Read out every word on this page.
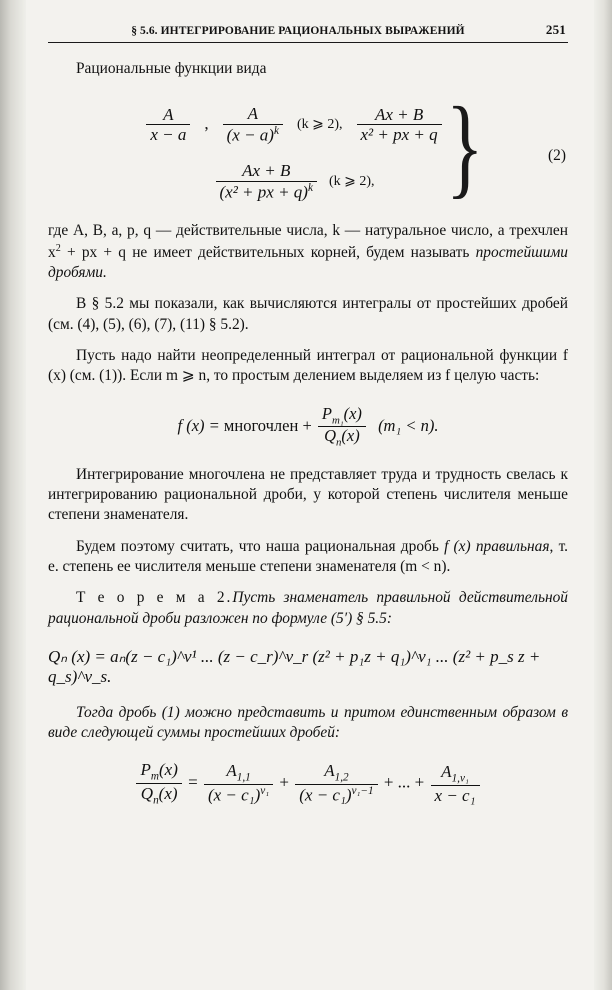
§ 5.6. ИНТЕГРИРОВАНИЕ РАЦИОНАЛЬНЫХ ВЫРАЖЕНИЙ	251

Рациональные функции вида

$\frac{A}{x - a}$ , $\frac{A}{(x - a)^k} (k$ ⩾ 2), $\frac{Ax + B}{\text{x² + px + q}}$
$\frac{Ax + B}{(x^2 + px + q)^k} (k$ ⩾ 2), }	(2)

где A, B, a, p, q — действительные числа, k — натуральное число, а трехчлен $x^2$ + px + q не имеет действительных корней, будем называть простейшими дробями.

В § 5.2 мы показали, как вычисляются интегралы от простейших дробей (см. (4), (5), (6), (7), (11) § 5.2).

Пусть надо найти неопределенный интеграл от рациональной функции f (x) (см. (1)). Если m ⩾ n, то простым делением выделяем из f целую часть:

f (x) = многочлен + $\frac{P_{m_1}(x)}{Q_n(x)} (m_1 < n)$.

Интегрирование многочлена не представляет труда и трудность свелась к интегрированию рациональной дроби, у которой степень числителя меньше степени знаменателя.

Будем поэтому считать, что наша рациональная дробь f (x) правильная, т. е. степень ее числителя меньше степени знаменателя (m < n).

Т е о р е м а 2.Пусть знаменатель правильной действительной рациональной дроби разложен по формуле (5′) § 5.5:

Qₙ (x) = aₙ(z − c₁)^ν¹ ... (z − c_r)^ν_r (z² + p₁z + q₁)^ν₁ ... (z² + p_s z + q_s)^ν_s.

Тогда дробь (1) можно представить и притом единственным образом в виде следующей суммы простейших дробей:

$\frac{P_m(x)}{Q_n(x)} = \frac{A_{1,1}}{(x - c_1)^{\nu_1}} + \frac{A_{1,2}}{(x - c_1)^{\nu_1-1}}$ + ... + $\frac{A_{1,\nu_1}}{\text{x − c₁}}$
